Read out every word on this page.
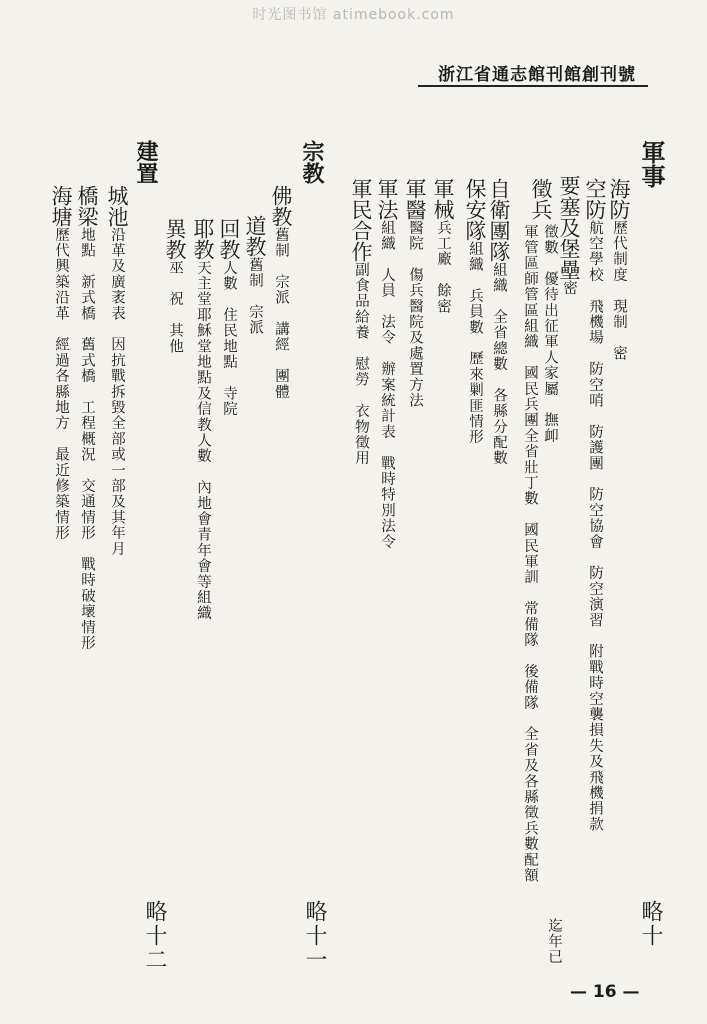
时光图书馆 atimebook.com
號刊創館刊館志通省江浙
軍事
海防歷代制度　現制　密
空防航空學校　飛機場　防空哨　防護團　防空協會　防空演習　附戰時空襲損失及飛機捐款
要塞及堡壘密
徵兵
軍管區師管區組織　國民兵團全省壯丁數　國民軍訓　常備隊　後備隊　全省及各縣徵兵數配額 徵數　優待出征軍人家屬　撫卹
迄年已
自衛團隊組織　全省總數　各縣分配數
保安隊組織　兵員數　歷來剿匪情形
軍械兵工廠　餘密
軍醫醫院　傷兵醫院及處置方法
軍法組織　人員　法令　辦案統計表　戰時特別法令
軍民合作副食品給養　慰勞　衣物徵用
宗教
佛教舊制　宗派　講經　團體
道教舊制　宗派
回教人數　住民地點　寺院
耶教天主堂耶穌堂地點及信教人數　內地會青年會等組織
異教巫　祝　其他
建置
城池沿革及廣袤表　因抗戰拆毀全部或一部及其年月
橋梁地點　新式橋　舊式橋　工程概況　交通情形　戰時破壞情形
海塘歷代興築沿革　經過各縣地方　最近修築情形
略十
略十一
略十二
— 16 —
